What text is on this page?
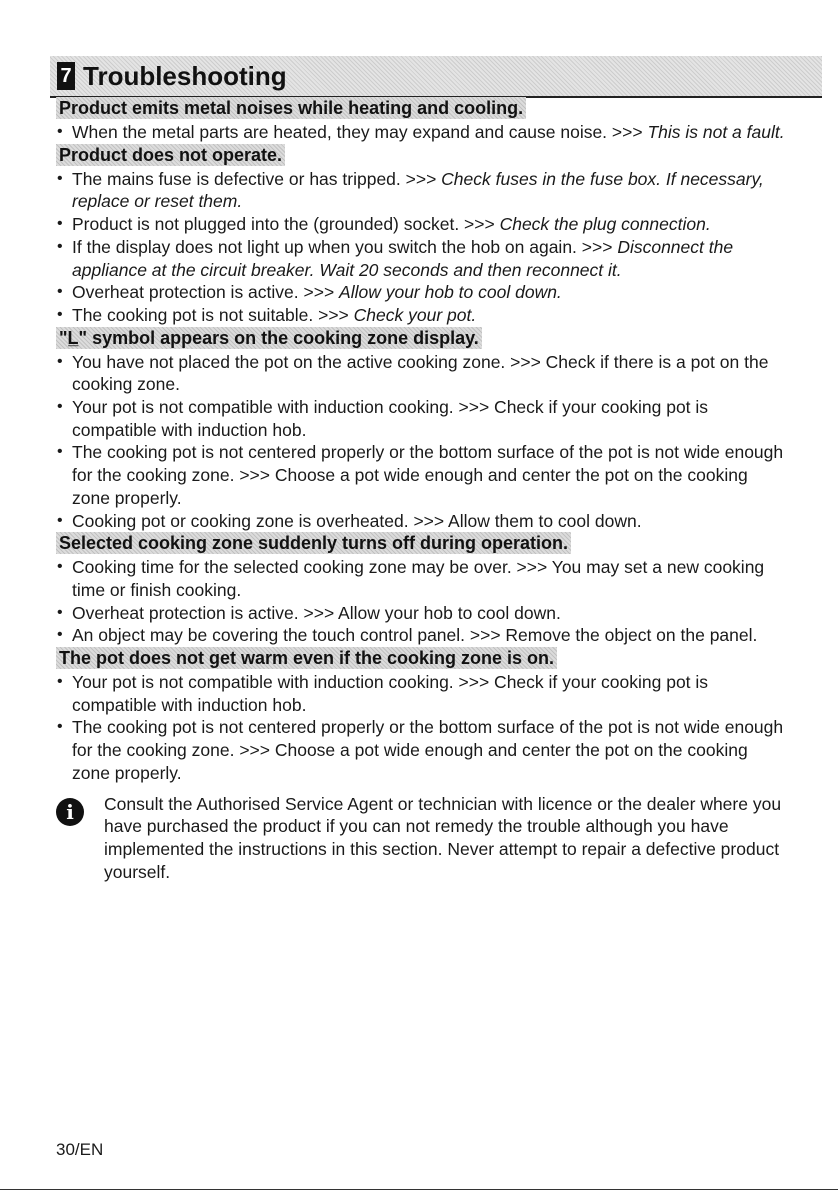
7 Troubleshooting
Product emits metal noises while heating and cooling.
• When the metal parts are heated, they may expand and cause noise. >>> This is not a fault.
Product does not operate.
• The mains fuse is defective or has tripped. >>> Check fuses in the fuse box. If necessary, replace or reset them.
• Product is not plugged into the (grounded) socket. >>> Check the plug connection.
• If the display does not light up when you switch the hob on again. >>> Disconnect the appliance at the circuit breaker. Wait 20 seconds and then reconnect it.
• Overheat protection is active. >>> Allow your hob to cool down.
• The cooking pot is not suitable. >>> Check your pot.
"L̲" symbol appears on the cooking zone display.
• You have not placed the pot on the active cooking zone. >>> Check if there is a pot on the cooking zone.
• Your pot is not compatible with induction cooking. >>> Check if your cooking pot is compatible with induction hob.
• The cooking pot is not centered properly or the bottom surface of the pot is not wide enough for the cooking zone. >>> Choose a pot wide enough and center the pot on the cooking zone properly.
• Cooking pot or cooking zone is overheated. >>> Allow them to cool down.
Selected cooking zone suddenly turns off during operation.
• Cooking time for the selected cooking zone may be over. >>> You may set a new cooking time or finish cooking.
• Overheat protection is active. >>> Allow your hob to cool down.
• An object may be covering the touch control panel. >>> Remove the object on the panel.
The pot does not get warm even if the cooking zone is on.
• Your pot is not compatible with induction cooking. >>> Check if your cooking pot is compatible with induction hob.
• The cooking pot is not centered properly or the bottom surface of the pot is not wide enough for the cooking zone. >>> Choose a pot wide enough and center the pot on the cooking zone properly.
i	Consult the Authorised Service Agent or technician with licence or the dealer where you have purchased the product if you can not remedy the trouble although you have implemented the instructions in this section. Never attempt to repair a defective product yourself.
30/EN
